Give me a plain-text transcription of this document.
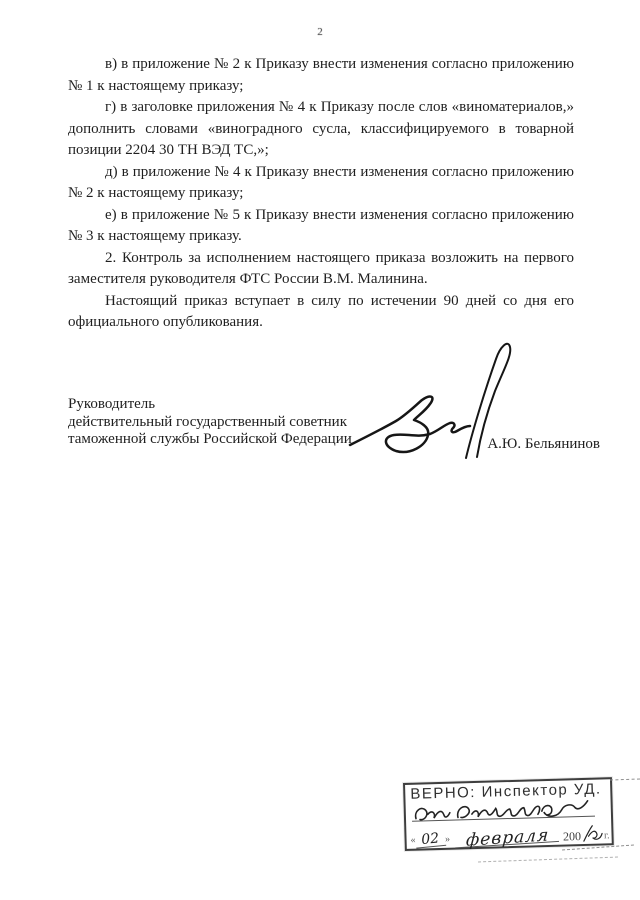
2

в) в приложение № 2 к Приказу внести изменения согласно приложению № 1 к настоящему приказу;

г) в заголовке приложения № 4 к Приказу после слов «виноматериалов,» дополнить словами «виноградного сусла, классифицируемого в товарной позиции 2204 30 ТН ВЭД ТС,»;

д) в приложение № 4 к Приказу внести изменения согласно приложению № 2 к настоящему приказу;

е) в приложение № 5 к Приказу внести изменения согласно приложению № 3 к настоящему приказу.

2. Контроль за исполнением настоящего приказа возложить на первого заместителя руководителя ФТС России В.М. Малинина.

Настоящий приказ вступает в силу по истечении 90 дней со дня его официального опубликования.

Руководитель
действительный государственный советник
таможенной службы Российской Федерации	А.Ю. Бельянинов
ВЕРНО: Инспектор УД.
« 02 » февраля	200 г.
